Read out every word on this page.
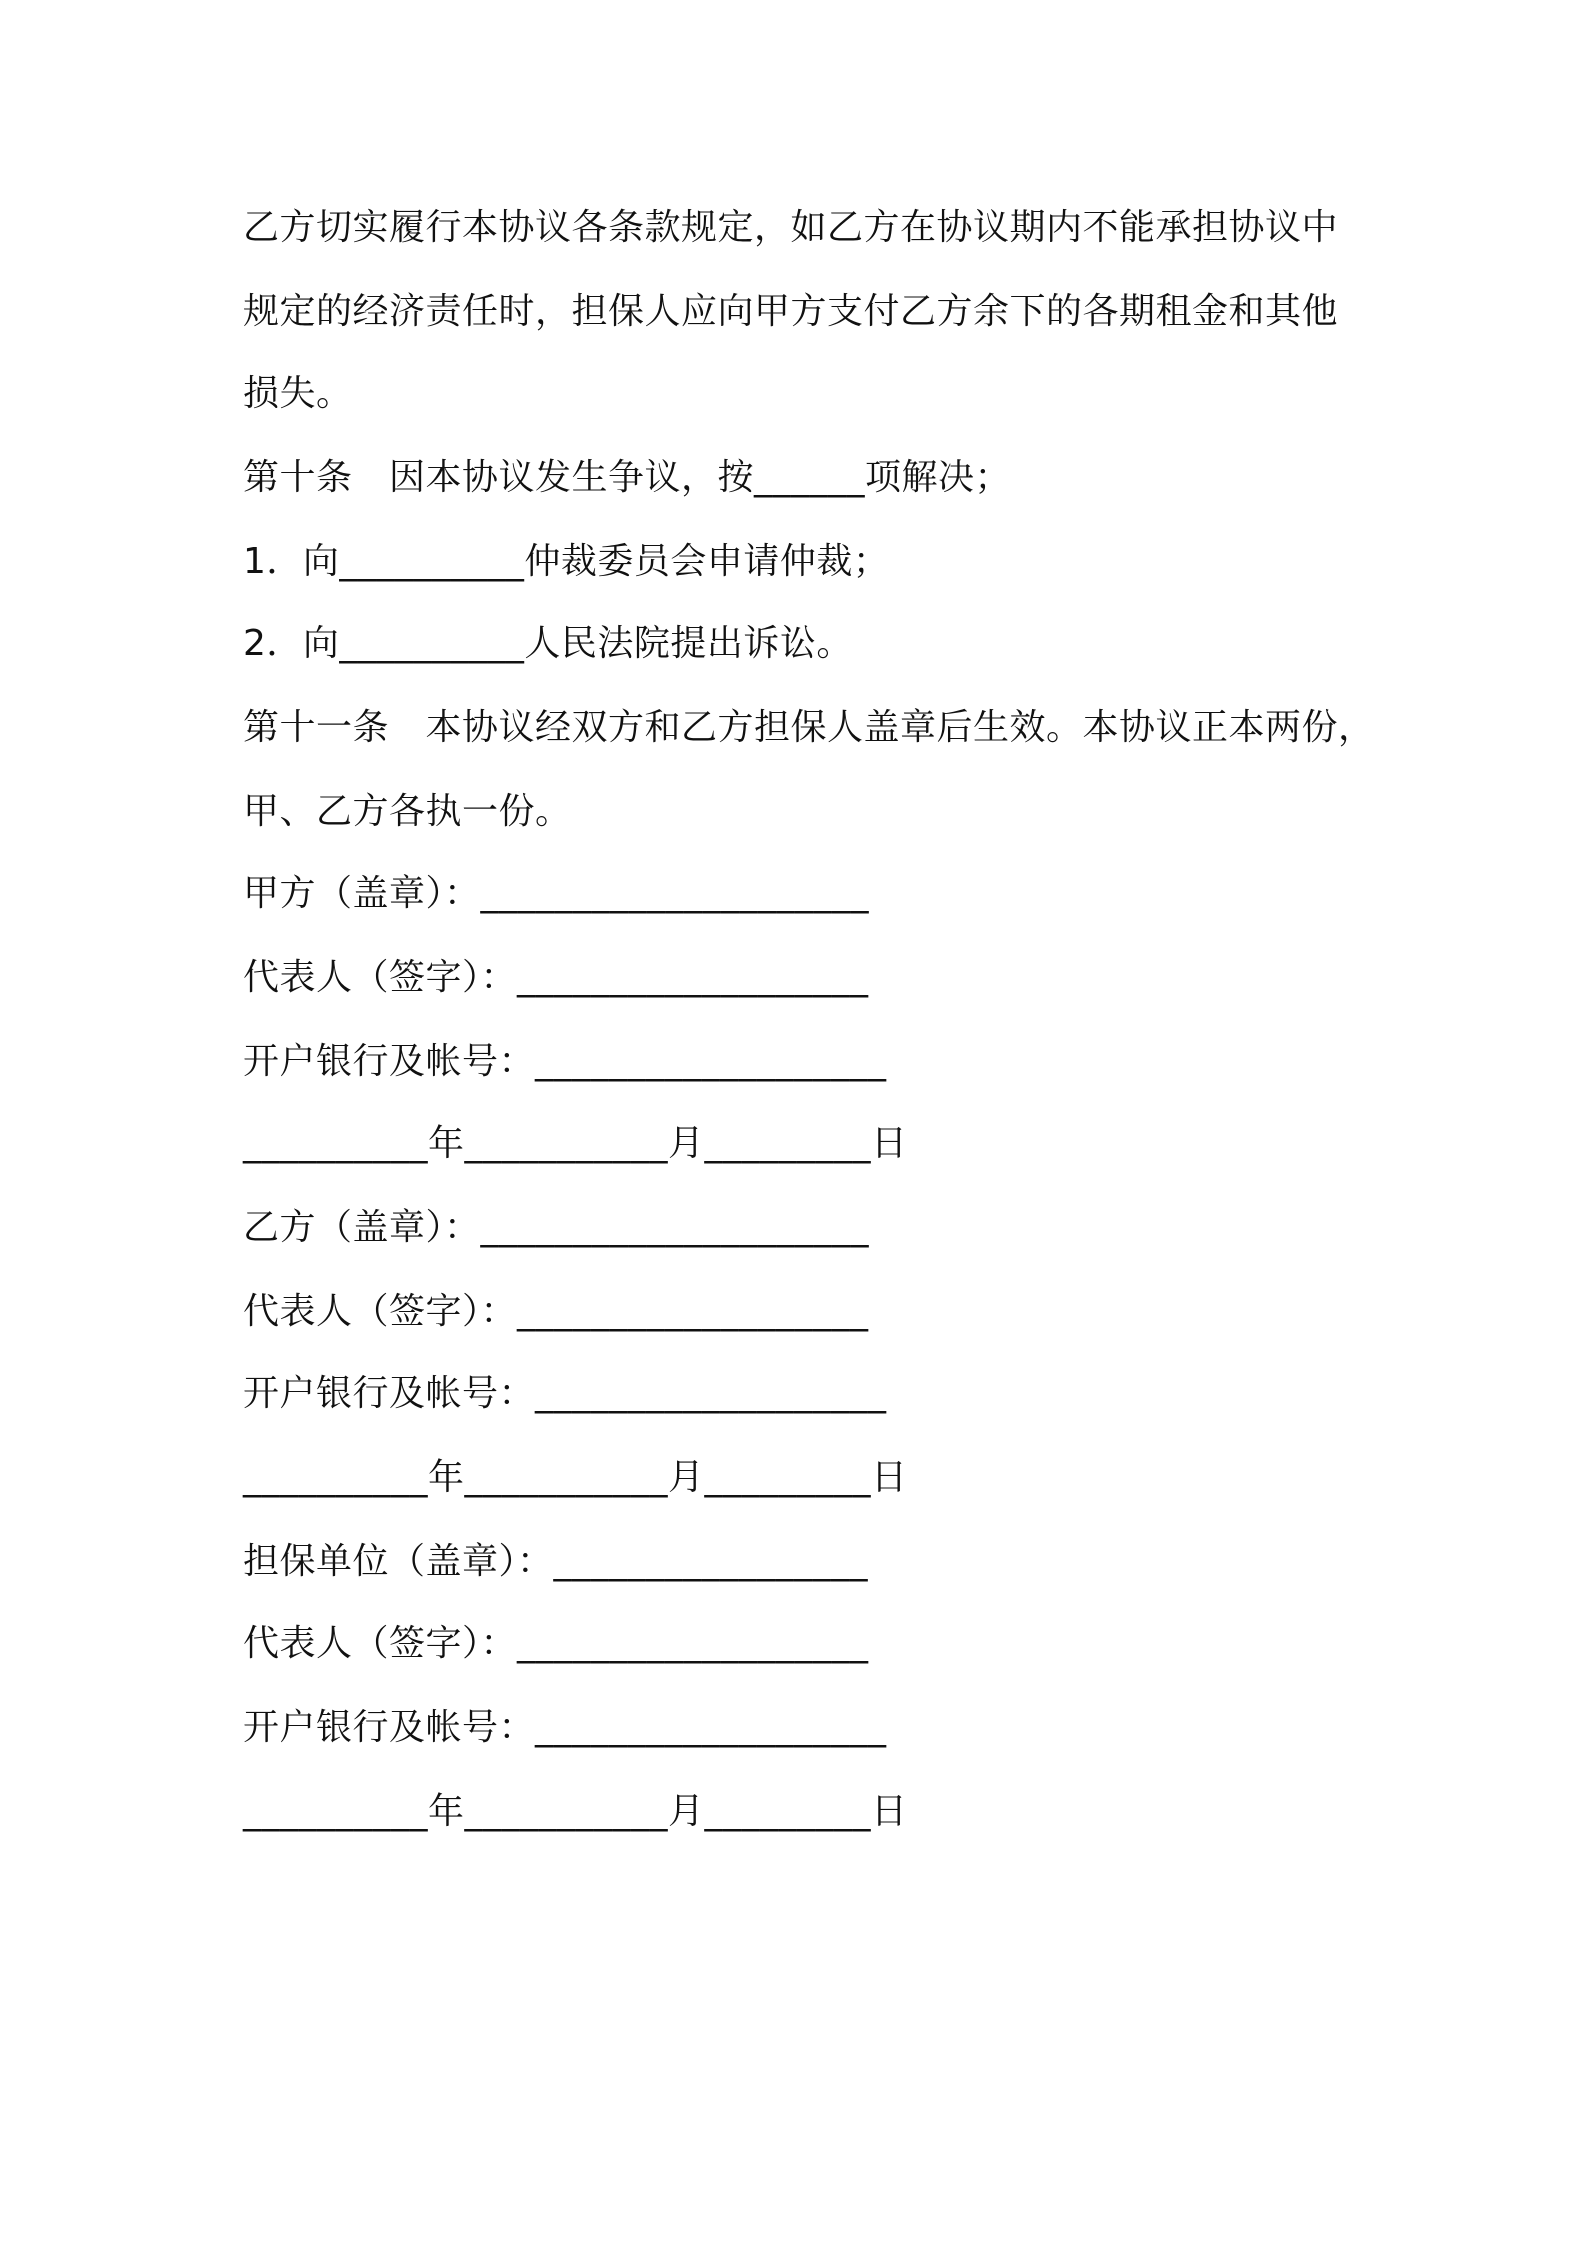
乙方切实履行本协议各条款规定，如乙方在协议期内不能承担协议中
规定的经济责任时，担保人应向甲方支付乙方余下的各期租金和其他
损失。
第十条　因本协议发生争议，按______项解决；
1．向__________仲裁委员会申请仲裁；
2．向__________人民法院提出诉讼。
第十一条　本协议经双方和乙方担保人盖章后生效。本协议正本两份，
甲、乙方各执一份。
甲方（盖章）：_____________________
代表人（签字）：___________________
开户银行及帐号：___________________
__________年___________月_________日
乙方（盖章）：_____________________
代表人（签字）：___________________
开户银行及帐号：___________________
__________年___________月_________日
担保单位（盖章）：_________________
代表人（签字）：___________________
开户银行及帐号：___________________
__________年___________月_________日
